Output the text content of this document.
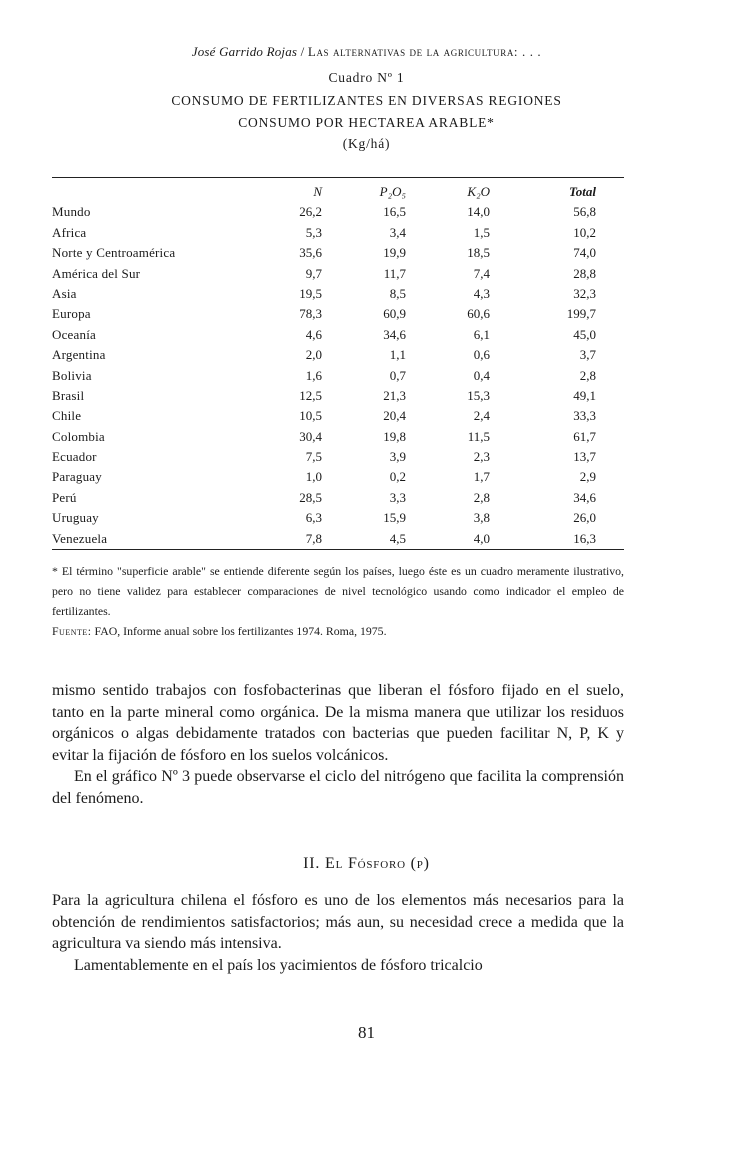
José Garrido Rojas / Las alternativas de la agricultura: . . .
Cuadro Nº 1
CONSUMO DE FERTILIZANTES EN DIVERSAS REGIONES
CONSUMO POR HECTAREA ARABLE*
(Kg/há)
N	P₂O₅	K₂O	Total
Mundo	26,2	16,5	14,0	56,8
Africa	5,3	3,4	1,5	10,2
Norte y Centroamérica	35,6	19,9	18,5	74,0
América del Sur	9,7	11,7	7,4	28,8
Asia	19,5	8,5	4,3	32,3
Europa	78,3	60,9	60,6	199,7
Oceanía	4,6	34,6	6,1	45,0
Argentina	2,0	1,1	0,6	3,7
Bolivia	1,6	0,7	0,4	2,8
Brasil	12,5	21,3	15,3	49,1
Chile	10,5	20,4	2,4	33,3
Colombia	30,4	19,8	11,5	61,7
Ecuador	7,5	3,9	2,3	13,7
Paraguay	1,0	0,2	1,7	2,9
Perú	28,5	3,3	2,8	34,6
Uruguay	6,3	15,9	3,8	26,0
Venezuela	7,8	4,5	4,0	16,3

* El término "superficie arable" se entiende diferente según los países, luego éste es un cuadro meramente ilustrativo, pero no tiene validez para establecer comparaciones de nivel tecnológico usando como indicador el empleo de fertilizantes.

Fuente: FAO, Informe anual sobre los fertilizantes 1974. Roma, 1975.

mismo sentido trabajos con fosfobacterinas que liberan el fósforo fijado en el suelo, tanto en la parte mineral como orgánica. De la misma manera que utilizar los residuos orgánicos o algas debidamente tratados con bacterias que pueden facilitar N, P, K y evitar la fijación de fósforo en los suelos volcánicos.

En el gráfico Nº 3 puede observarse el ciclo del nitrógeno que facilita la comprensión del fenómeno.

II. El Fósforo (p)

Para la agricultura chilena el fósforo es uno de los elementos más necesarios para la obtención de rendimientos satisfactorios; más aun, su necesidad crece a medida que la agricultura va siendo más intensiva.

Lamentablemente en el país los yacimientos de fósforo tricalcio

81
